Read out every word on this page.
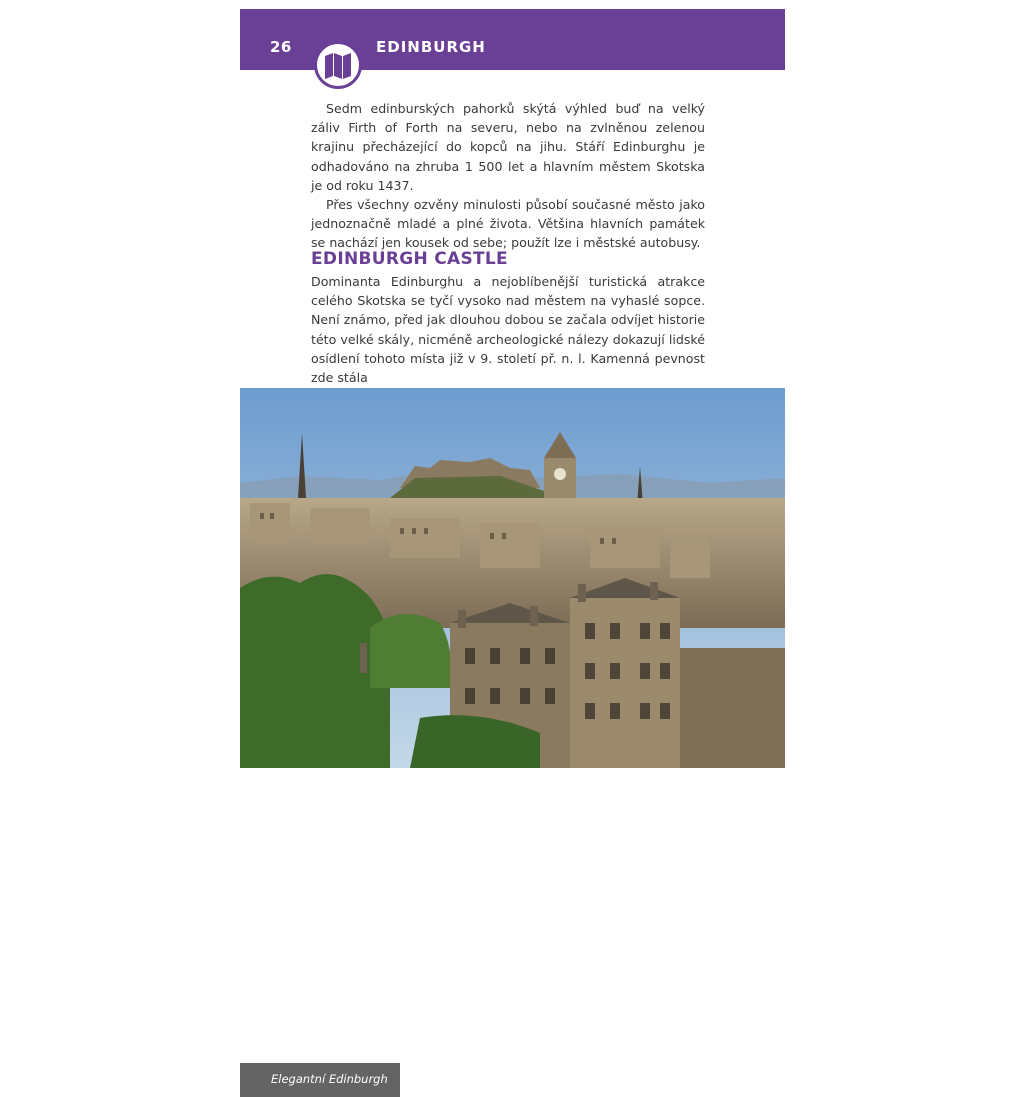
26	EDINBURGH

Sedm edinburských pahorků skýtá výhled buď na velký záliv Firth of Forth na severu, nebo na zvlněnou zelenou krajinu přecházející do kopců na jihu. Stáří Edinburghu je odhadováno na zhruba 1 500 let a hlavním městem Skotska je od roku 1437.

Přes všechny ozvěny minulosti působí současné město jako jednoznačně mladé a plné života. Většina hlavních památek se nachází jen kousek od sebe; použít lze i městské autobusy.

EDINBURGH CASTLE

Dominanta Edinburghu a nejoblíbenější turistická atrakce celého Skotska se tyčí vysoko nad městem na vyhaslé sopce. Není známo, před jak dlouhou dobou se začala odvíjet historie této velké skály, nicméně archeologické nálezy dokazují lidské osídlení tohoto místa již v 9. století př. n. l. Kamenná pevnost zde stála

Elegantní Edinburgh
